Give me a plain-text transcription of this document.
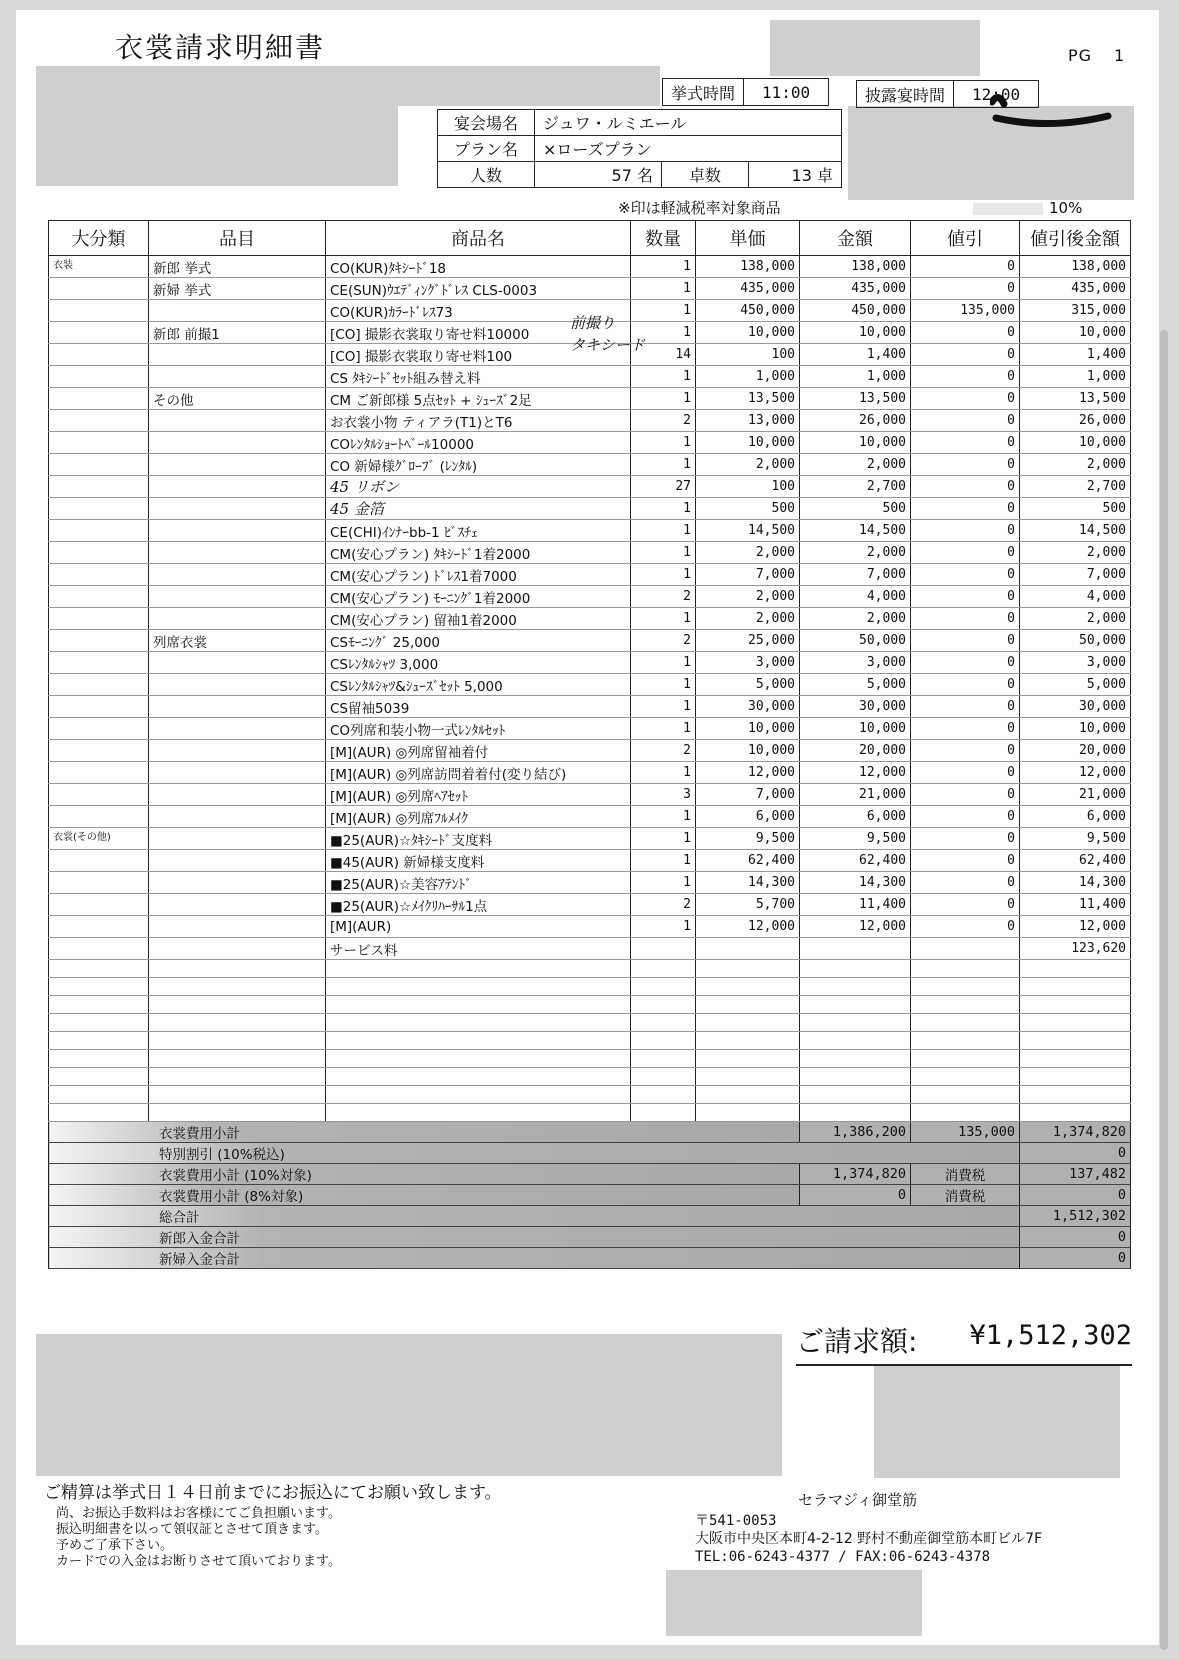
衣裳請求明細書	PG 1
挙式時間	11:00	披露宴時間	12:00
宴会場名	ジュワ・ルミエール		
プラン名	×ローズプラン		
人数	57 名	卓数	13 卓
※印は軽減税率対象商品	10%
大分類	品目	商品名	数量	単価	金額	値引	値引後金額
衣装	新郎 挙式	CO(KUR)ﾀｷｼｰﾄﾞ18	1	138,000	138,000	0	138,000
	新婦 挙式	CE(SUN)ｳｴﾃﾞｨﾝｸﾞﾄﾞﾚｽ CLS-0003	1	435,000	435,000	0	435,000
		CO(KUR)ｶﾗｰﾄﾞﾚｽ73	1	450,000	450,000	135,000	315,000
	新郎 前撮1	[CO] 撮影衣裳取り寄せ料10000	1	10,000	10,000	0	10,000
		[CO] 撮影衣裳取り寄せ料100	14	100	1,400	0	1,400
		CS ﾀｷｼｰﾄﾞｾｯﾄ組み替え料	1	1,000	1,000	0	1,000
	その他	CM ご新郎様 5点ｾｯﾄ + ｼｭｰｽﾞ2足	1	13,500	13,500	0	13,500
		お衣裳小物 ティアラ(T1)とT6	2	13,000	26,000	0	26,000
		COﾚﾝﾀﾙｼｮｰﾄﾍﾞｰﾙ10000	1	10,000	10,000	0	10,000
		CO 新婦様ｸﾞﾛｰﾌﾞ (ﾚﾝﾀﾙ)	1	2,000	2,000	0	2,000
		45 リボン	27	100	2,700	0	2,700
		45 金箔	1	500	500	0	500
		CE(CHI)ｲﾝﾅｰbb-1 ﾋﾞｽﾁｪ	1	14,500	14,500	0	14,500
		CM(安心プラン) ﾀｷｼｰﾄﾞ1着2000	1	2,000	2,000	0	2,000
		CM(安心プラン) ﾄﾞﾚｽ1着7000	1	7,000	7,000	0	7,000
		CM(安心プラン) ﾓｰﾆﾝｸﾞ1着2000	2	2,000	4,000	0	4,000
		CM(安心プラン) 留袖1着2000	1	2,000	2,000	0	2,000
	列席衣裳	CSﾓｰﾆﾝｸﾞ 25,000	2	25,000	50,000	0	50,000
		CSﾚﾝﾀﾙｼｬﾂ 3,000	1	3,000	3,000	0	3,000
		CSﾚﾝﾀﾙｼｬﾂ&ｼｭｰｽﾞｾｯﾄ 5,000	1	5,000	5,000	0	5,000
		CS留袖5039	1	30,000	30,000	0	30,000
		CO列席和装小物一式ﾚﾝﾀﾙｾｯﾄ	1	10,000	10,000	0	10,000
		[M](AUR) ◎列席留袖着付	2	10,000	20,000	0	20,000
		[M](AUR) ◎列席訪問着着付(変り結び)	1	12,000	12,000	0	12,000
		[M](AUR) ◎列席ﾍｱｾｯﾄ	3	7,000	21,000	0	21,000
		[M](AUR) ◎列席ﾌﾙﾒｲｸ	1	6,000	6,000	0	6,000
衣裳(その他)		■25(AUR)☆ﾀｷｼｰﾄﾞ支度料	1	9,500	9,500	0	9,500
		■45(AUR) 新婦様支度料	1	62,400	62,400	0	62,400
		■25(AUR)☆美容ｱﾃﾝﾄﾞ	1	14,300	14,300	0	14,300
		■25(AUR)☆ﾒｲｸﾘﾊｰｻﾙ1点	2	5,700	11,400	0	11,400
		[M](AUR)	1	12,000	12,000	0	12,000
		サービス料					123,620

衣裳費用小計					1,386,200	135,000	1,374,820
特別割引 (10%税込)							0
衣裳費用小計 (10%対象)					1,374,820	消費税	137,482
衣裳費用小計 (8%対象)					0	消費税	0
総合計							1,512,302
新郎入金合計							0
新婦入金合計							0
前撮り
タキシード
ご請求額: ¥1,512,302
ご精算は挙式日１４日前までにお振込にてお願い致します。
尚、お振込手数料はお客様にてご負担願います。
振込明細書を以って領収証とさせて頂きます。
予めご了承下さい。
カードでの入金はお断りさせて頂いております。
セラマジィ御堂筋
〒541-0053
大阪市中央区本町4-2-12 野村不動産御堂筋本町ビル7F
TEL:06-6243-4377 / FAX:06-6243-4378
